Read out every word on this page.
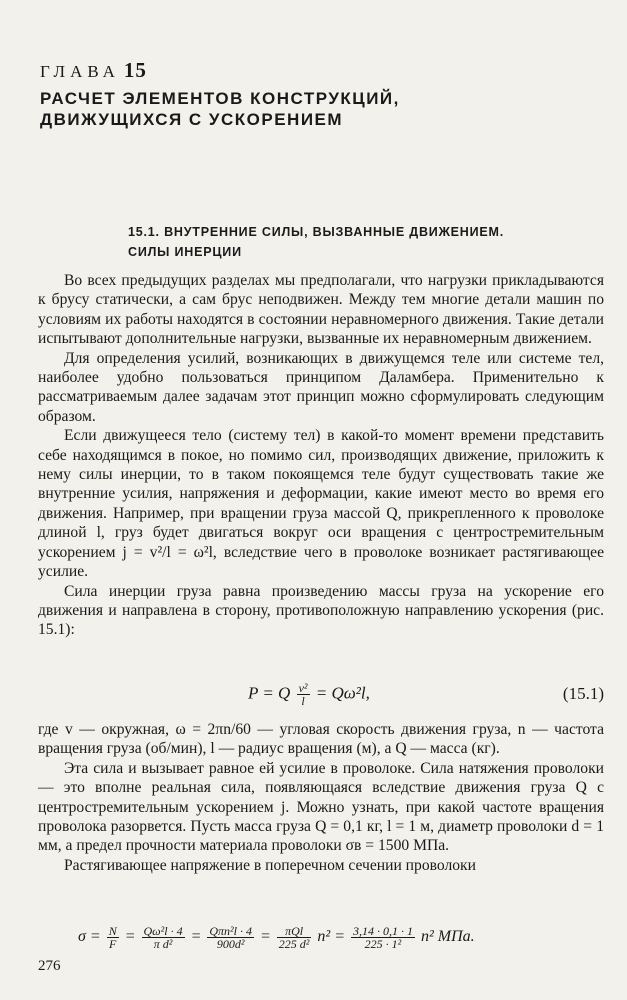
ГЛАВА 15
РАСЧЕТ ЭЛЕМЕНТОВ КОНСТРУКЦИЙ,
ДВИЖУЩИХСЯ С УСКОРЕНИЕМ
15.1. ВНУТРЕННИЕ СИЛЫ, ВЫЗВАННЫЕ ДВИЖЕНИЕМ.
СИЛЫ ИНЕРЦИИ

Во всех предыдущих разделах мы предполагали, что нагрузки прикладываются к брусу статически, а сам брус неподвижен. Между тем многие детали машин по условиям их работы находятся в состоянии неравномерного движения. Такие детали испытывают дополнительные нагрузки, вызванные их неравномерным движением.

Для определения усилий, возникающих в движущемся теле или системе тел, наиболее удобно пользоваться принципом Даламбера. Применительно к рассматриваемым далее задачам этот принцип можно сформулировать следующим образом.

Если движущееся тело (систему тел) в какой-то момент времени представить себе находящимся в покое, но помимо сил, производящих движение, приложить к нему силы инерции, то в таком покоящемся теле будут существовать такие же внутренние усилия, напряжения и деформации, какие имеют место во время его движения. Например, при вращении груза массой Q, прикрепленного к проволоке длиной l, груз будет двигаться вокруг оси вращения с центростремительным ускорением j = v²/l = ω²l, вследствие чего в проволоке возникает растягивающее усилие.

Сила инерции груза равна произведению массы груза на ускорение его движения и направлена в сторону, противоположную направлению ускорения (рис. 15.1):

P = Q $\frac{\text{v²}}{l} = Q\omega^2l$,	(15.1)

где v — окружная, ω = 2πn/60 — угловая скорость движения груза, n — частота вращения груза (об/мин), l — радиус вращения (м), a Q — масса (кг).

Эта сила и вызывает равное ей усилие в проволоке. Сила натяжения проволоки — это вполне реальная сила, появляющаяся вследствие движения груза Q с центростремительным ускорением j. Можно узнать, при какой частоте вращения проволока разорвется. Пусть масса груза Q = 0,1 кг, l = 1 м, диаметр проволоки d = 1 мм, а предел прочности материала проволоки σв = 1500 МПа.

Растягивающее напряжение в поперечном сечении проволоки

$\sigma = \frac{N}{F} = \frac{\text{Qω²l · 4}}{\text{π d²}} = \frac{\text{Qπn²l · 4}}{\text{900d²}} = \frac{\text{πQl}}{\text{225 d²}} n^2 = \frac{3,14 \cdot 0,1 \cdot 1}{\text{225 · 1²}} n^2$ МПа.
276
